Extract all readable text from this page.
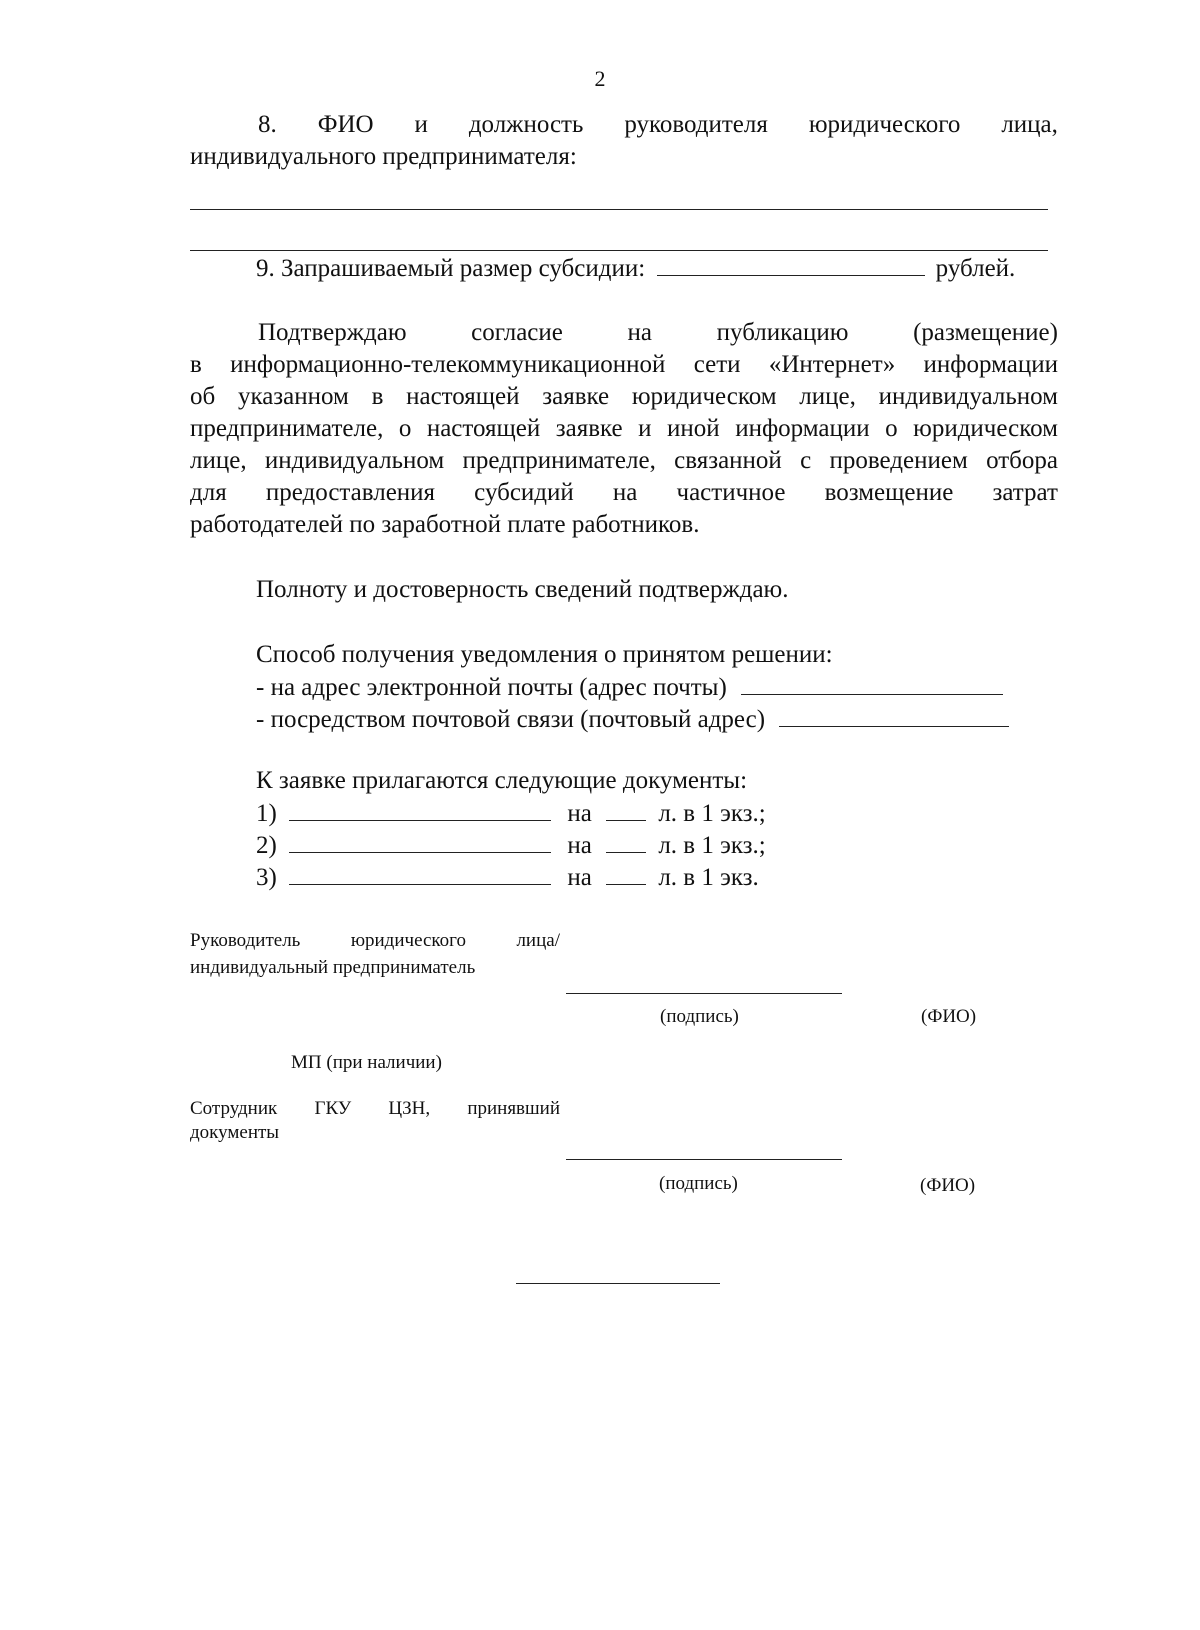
2
8. ФИО и должность руководителя юридического лица,
индивидуального предпринимателя:
9. Запрашиваемый размер субсидии:	рублей.
Подтверждаю	согласие	на	публикацию	(размещение)
в информационно-телекоммуникационной сети «Интернет» информации
об указанном в настоящей заявке юридическом лице, индивидуальном
предпринимателе, о настоящей заявке и иной информации о юридическом
лице, индивидуальном предпринимателе, связанной с проведением отбора
для предоставления субсидий на частичное возмещение затрат
работодателей по заработной плате работников.
Полноту и достоверность сведений подтверждаю.
Способ получения уведомления о принятом решении:
- на адрес электронной почты (адрес почты)
- посредством почтовой связи (почтовый адрес)
К заявке прилагаются следующие документы:
1)	на	л. в 1 экз.;
2)	на	л. в 1 экз.;
3)	на	л. в 1 экз.
Руководитель	юридического	лица/
индивидуальный предприниматель
(подпись)	(ФИО)
МП (при наличии)
Сотрудник ГКУ ЦЗН, принявший
документы
(подпись)	(ФИО)
